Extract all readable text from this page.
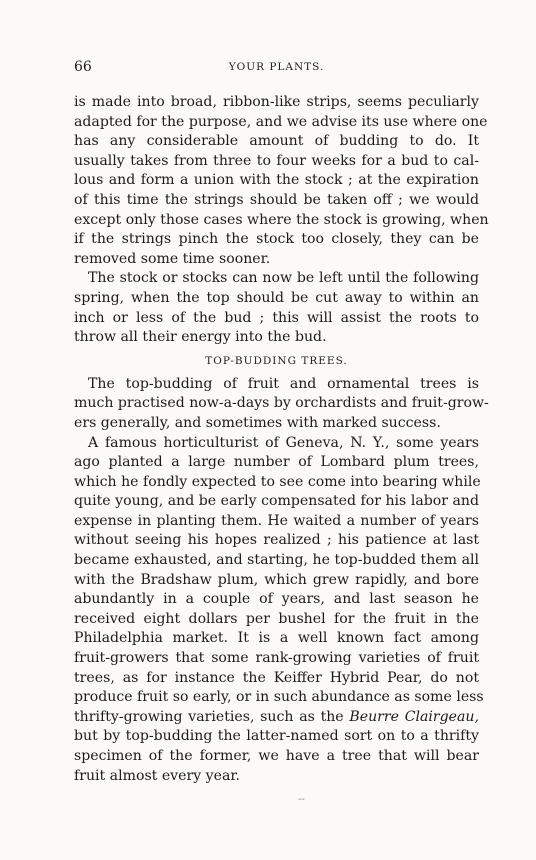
66	YOUR PLANTS.
is made into broad, ribbon-like strips, seems peculiarly
adapted for the purpose, and we advise its use where one
has any considerable amount of budding to do. It
usually takes from three to four weeks for a bud to cal-
lous and form a union with the stock ; at the expiration
of this time the strings should be taken off ; we would
except only those cases where the stock is growing, when
if the strings pinch the stock too closely, they can be
removed some time sooner.
The stock or stocks can now be left until the following
spring, when the top should be cut away to within an
inch or less of the bud ; this will assist the roots to
throw all their energy into the bud.
TOP-BUDDING TREES.
The top-budding of fruit and ornamental trees is
much practised now-a-days by orchardists and fruit-grow-
ers generally, and sometimes with marked success.
A famous horticulturist of Geneva, N. Y., some years
ago planted a large number of Lombard plum trees,
which he fondly expected to see come into bearing while
quite young, and be early compensated for his labor and
expense in planting them. He waited a number of years
without seeing his hopes realized ; his patience at last
became exhausted, and starting, he top-budded them all
with the Bradshaw plum, which grew rapidly, and bore
abundantly in a couple of years, and last season he
received eight dollars per bushel for the fruit in the
Philadelphia market. It is a well known fact among
fruit-growers that some rank-growing varieties of fruit
trees, as for instance the Keiffer Hybrid Pear, do not
produce fruit so early, or in such abundance as some less
thrifty-growing varieties, such as the Beurre Clairgeau,
but by top-budding the latter-named sort on to a thrifty
specimen of the former, we have a tree that will bear
fruit almost every year.
--
